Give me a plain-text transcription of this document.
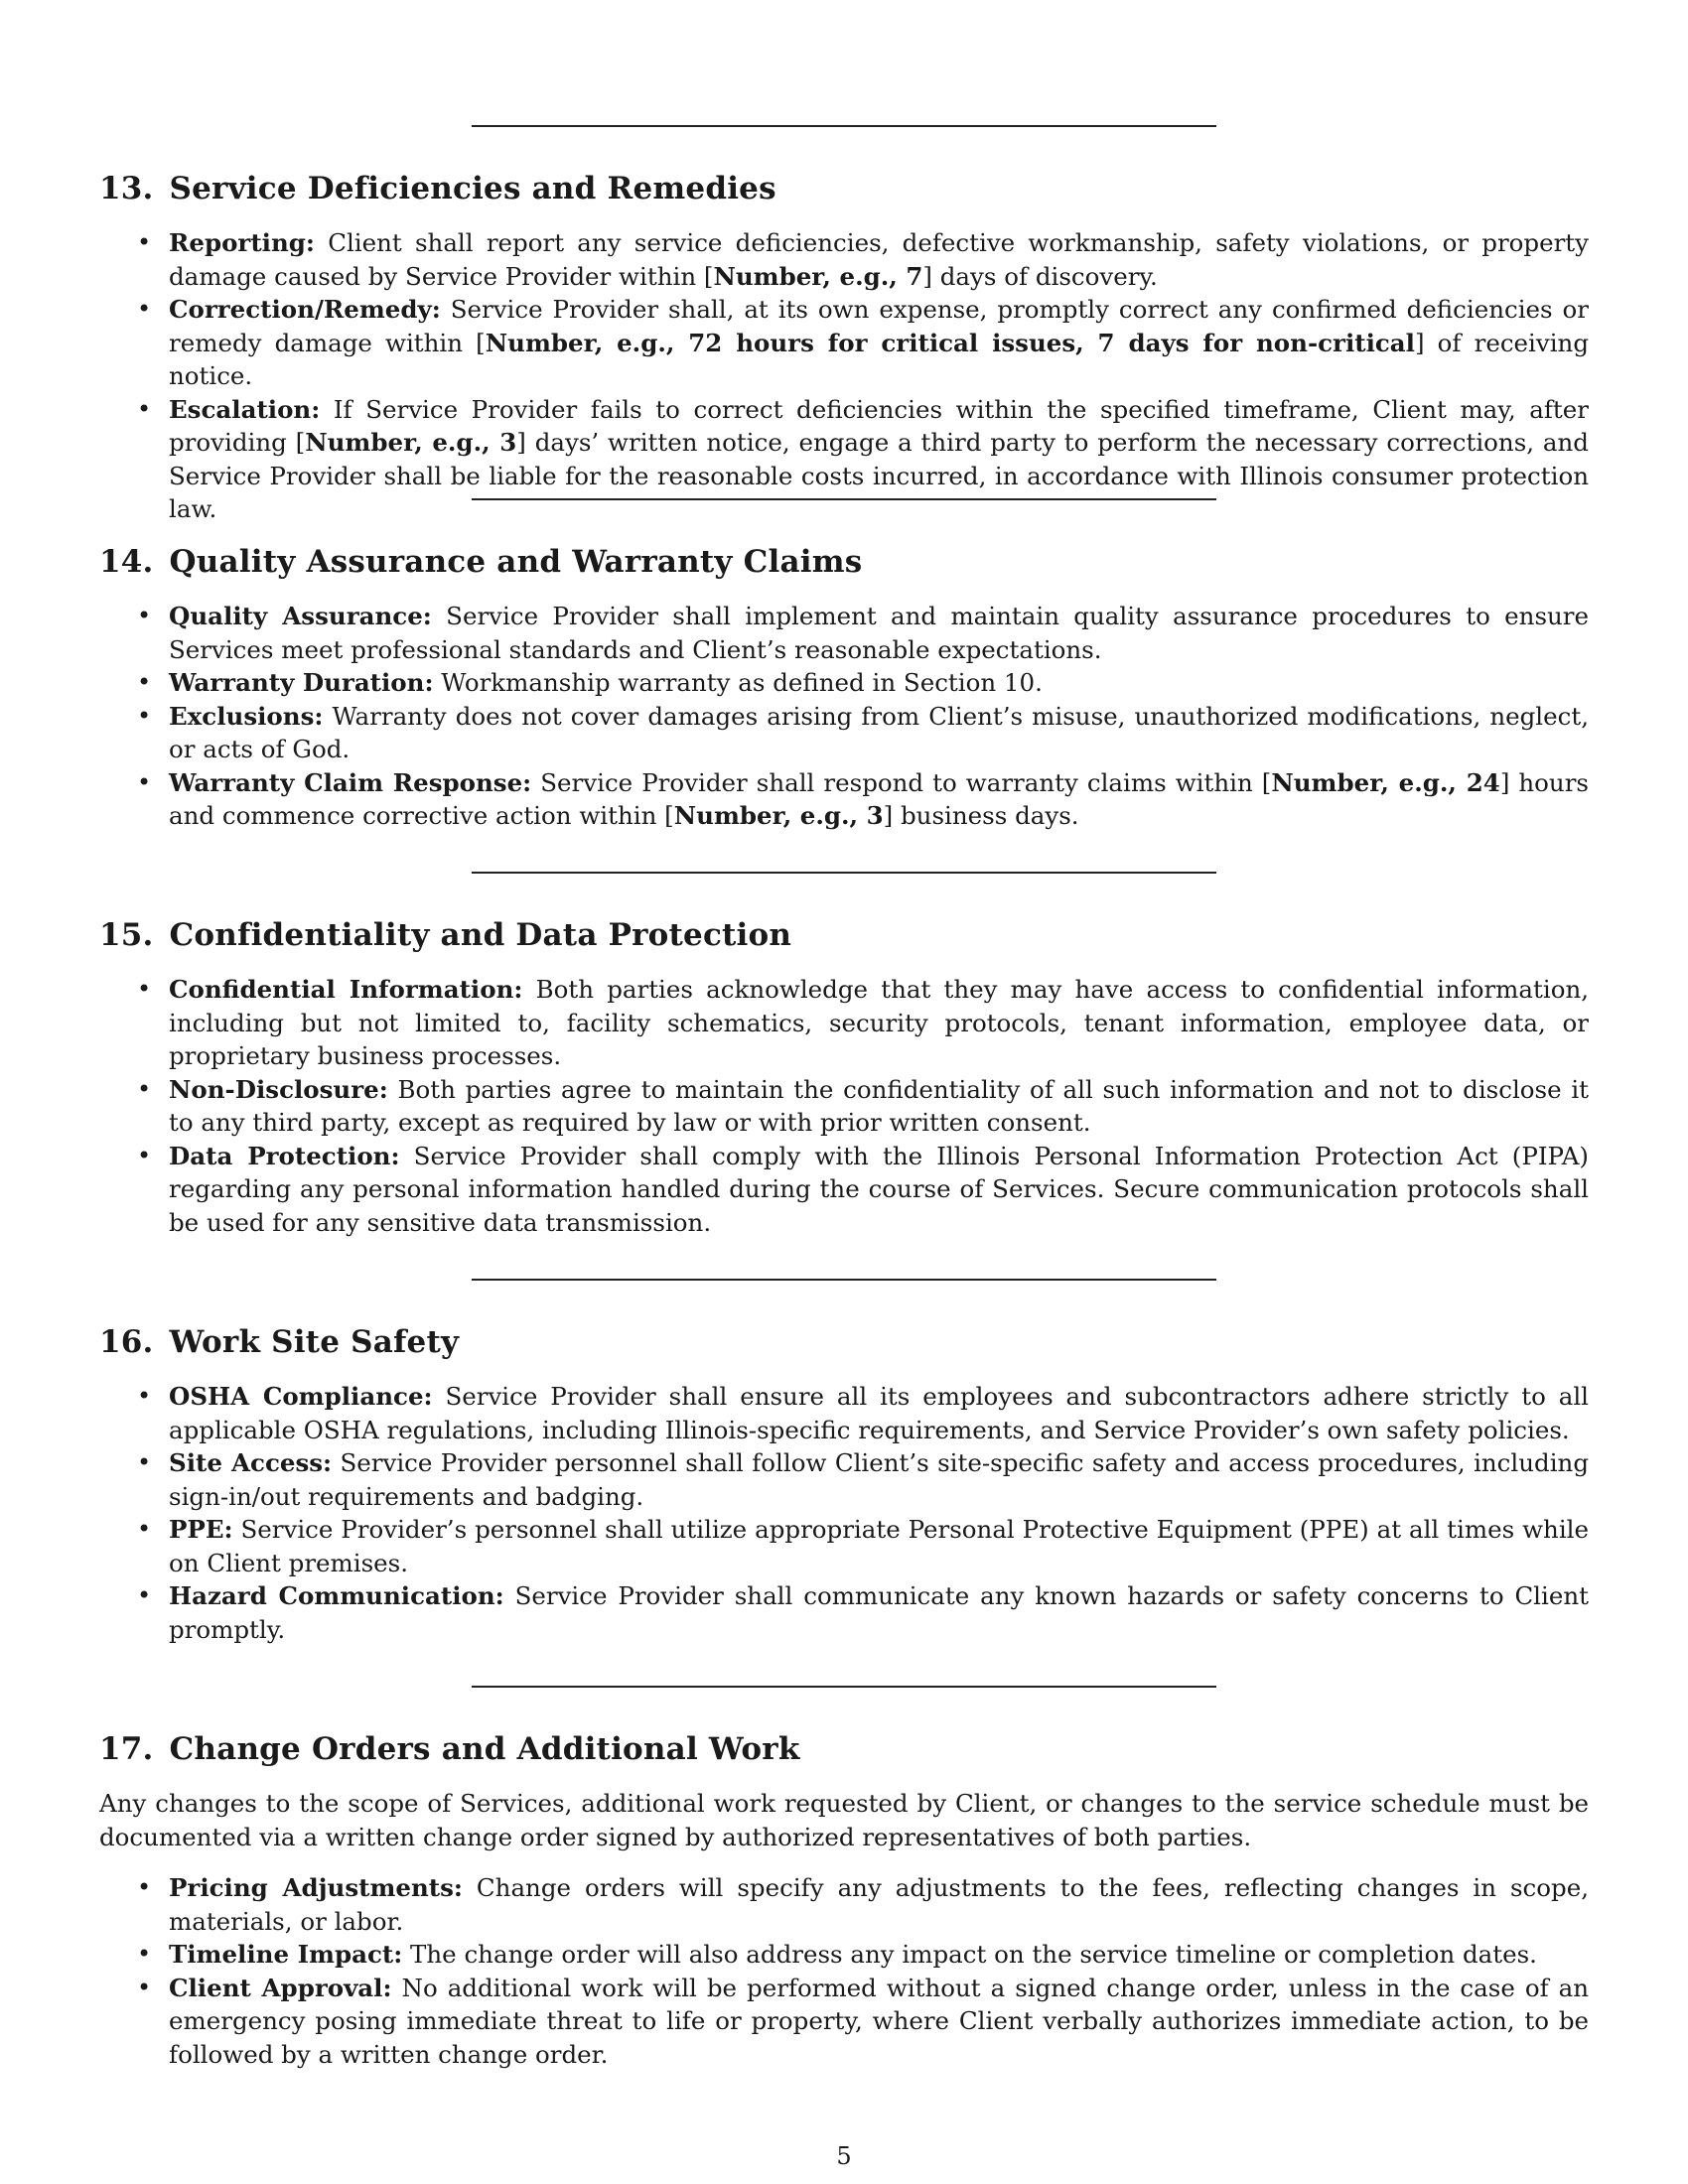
13. Service Deficiencies and Remedies
• Reporting: Client shall report any service deficiencies, defective workmanship, safety violations, or property damage caused by Service Provider within [Number, e.g., 7] days of discovery.
• Correction/Remedy: Service Provider shall, at its own expense, promptly correct any confirmed deficiencies or remedy damage within [Number, e.g., 72 hours for critical issues, 7 days for non-critical] of receiving notice.
• Escalation: If Service Provider fails to correct deficiencies within the specified timeframe, Client may, after providing [Number, e.g., 3] days’ written notice, engage a third party to perform the necessary corrections, and Service Provider shall be liable for the reasonable costs incurred, in accordance with Illinois consumer protection law.
14. Quality Assurance and Warranty Claims
• Quality Assurance: Service Provider shall implement and maintain quality assurance procedures to ensure Services meet professional standards and Client’s reasonable expectations.
• Warranty Duration: Workmanship warranty as defined in Section 10.
• Exclusions: Warranty does not cover damages arising from Client’s misuse, unauthorized modifications, neglect, or acts of God.
• Warranty Claim Response: Service Provider shall respond to warranty claims within [Number, e.g., 24] hours and commence corrective action within [Number, e.g., 3] business days.
15. Confidentiality and Data Protection
• Confidential Information: Both parties acknowledge that they may have access to confidential information, including but not limited to, facility schematics, security protocols, tenant information, employee data, or proprietary business processes.
• Non-Disclosure: Both parties agree to maintain the confidentiality of all such information and not to disclose it to any third party, except as required by law or with prior written consent.
• Data Protection: Service Provider shall comply with the Illinois Personal Information Protection Act (PIPA) regarding any personal information handled during the course of Services. Secure communication protocols shall be used for any sensitive data transmission.
16. Work Site Safety
• OSHA Compliance: Service Provider shall ensure all its employees and subcontractors adhere strictly to all applicable OSHA regulations, including Illinois-specific requirements, and Service Provider’s own safety policies.
• Site Access: Service Provider personnel shall follow Client’s site-specific safety and access procedures, including sign-in/out requirements and badging.
• PPE: Service Provider’s personnel shall utilize appropriate Personal Protective Equipment (PPE) at all times while on Client premises.
• Hazard Communication: Service Provider shall communicate any known hazards or safety concerns to Client promptly.
17. Change Orders and Additional Work

Any changes to the scope of Services, additional work requested by Client, or changes to the service schedule must be documented via a written change order signed by authorized representatives of both parties.

• Pricing Adjustments: Change orders will specify any adjustments to the fees, reflecting changes in scope, materials, or labor.
• Timeline Impact: The change order will also address any impact on the service timeline or completion dates.
• Client Approval: No additional work will be performed without a signed change order, unless in the case of an emergency posing immediate threat to life or property, where Client verbally authorizes immediate action, to be followed by a written change order.
5
